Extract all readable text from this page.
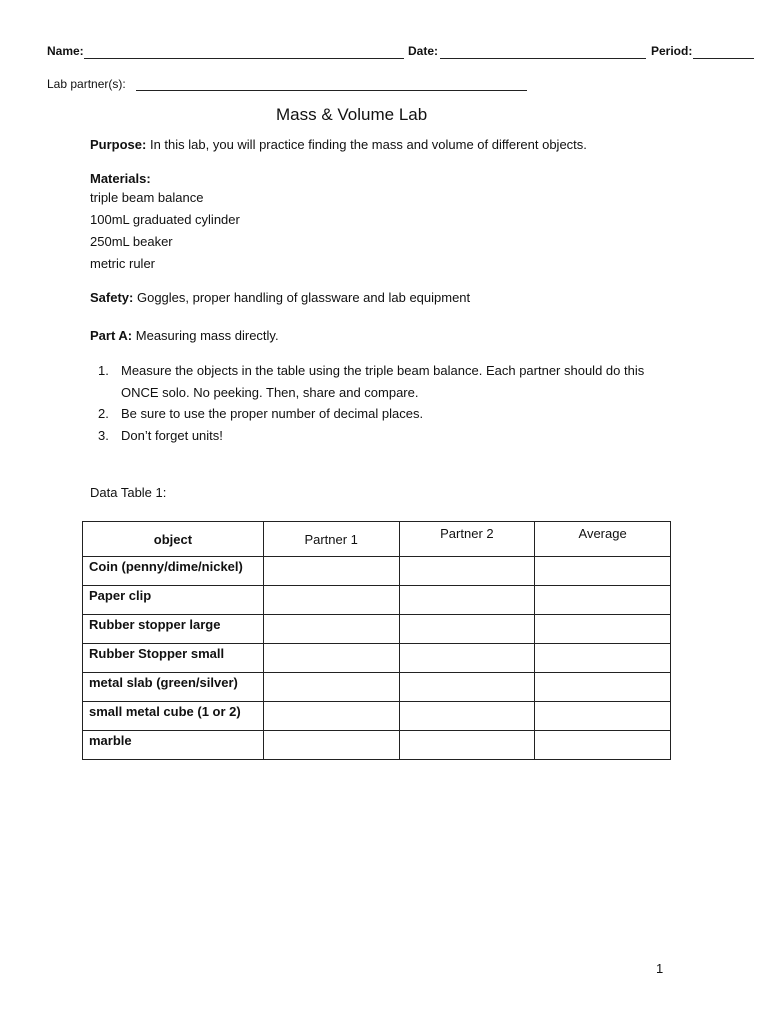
Name:	Date:	Period:
Lab partner(s):
Mass & Volume Lab
Purpose: In this lab, you will practice finding the mass and volume of different objects.
Materials:
triple beam balance
100mL graduated cylinder
250mL beaker
metric ruler
Safety: Goggles, proper handling of glassware and lab equipment
Part A: Measuring mass directly.
1. Measure the objects in the table using the triple beam balance. Each partner should do this
ONCE solo. No peeking. Then, share and compare.
2. Be sure to use the proper number of decimal places.
3. Don’t forget units!
Data Table 1:
object	Partner 1	Partner 2	Average
Coin (penny/dime/nickel)			
Paper clip			
Rubber stopper large			
Rubber Stopper small			
metal slab (green/silver)			
small metal cube (1 or 2)			
marble			
1
